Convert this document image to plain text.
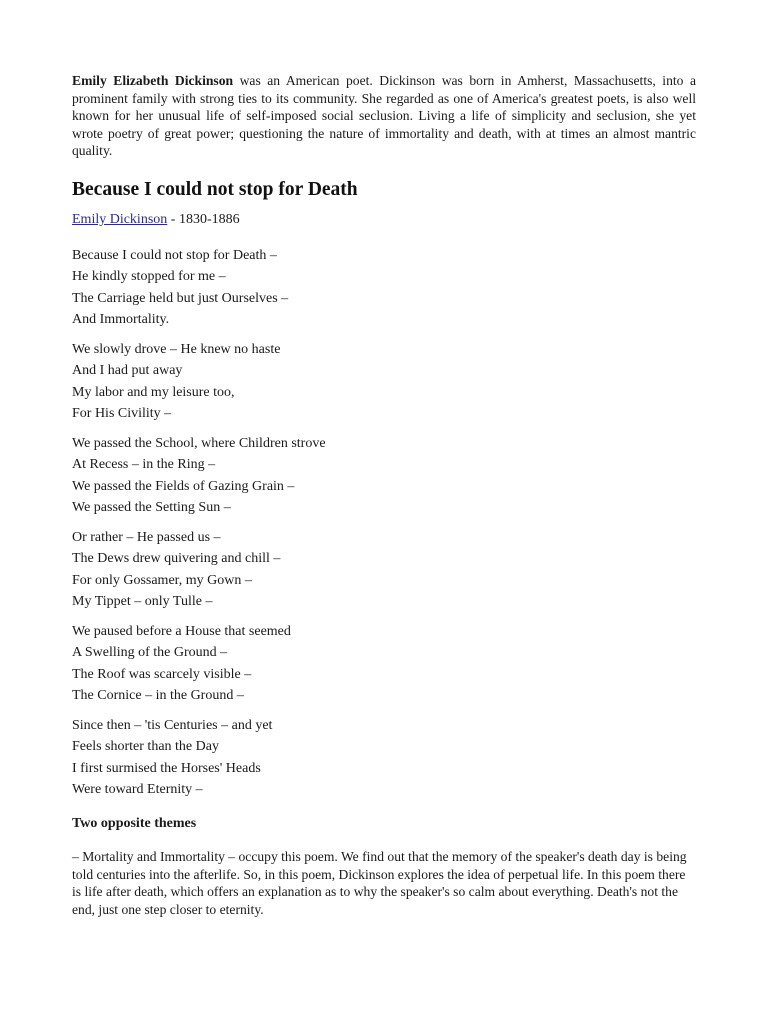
Emily Elizabeth Dickinson was an American poet. Dickinson was born in Amherst, Massachusetts, into a prominent family with strong ties to its community. She regarded as one of America's greatest poets, is also well known for her unusual life of self-imposed social seclusion. Living a life of simplicity and seclusion, she yet wrote poetry of great power; questioning the nature of immortality and death, with at times an almost mantric quality.

Because I could not stop for Death

Emily Dickinson - 1830-1886

Because I could not stop for Death –
He kindly stopped for me –
The Carriage held but just Ourselves –
And Immortality.

We slowly drove – He knew no haste
And I had put away
My labor and my leisure too,
For His Civility –

We passed the School, where Children strove
At Recess – in the Ring –
We passed the Fields of Gazing Grain –
We passed the Setting Sun –

Or rather – He passed us –
The Dews drew quivering and chill –
For only Gossamer, my Gown –
My Tippet – only Tulle –

We paused before a House that seemed
A Swelling of the Ground –
The Roof was scarcely visible –
The Cornice – in the Ground –

Since then – 'tis Centuries – and yet
Feels shorter than the Day
I first surmised the Horses' Heads
Were toward Eternity –

Two opposite themes

– Mortality and Immortality – occupy this poem. We find out that the memory of the speaker's death day is being told centuries into the afterlife. So, in this poem, Dickinson explores the idea of perpetual life. In this poem there is life after death, which offers an explanation as to why the speaker's so calm about everything. Death's not the end, just one step closer to eternity.
